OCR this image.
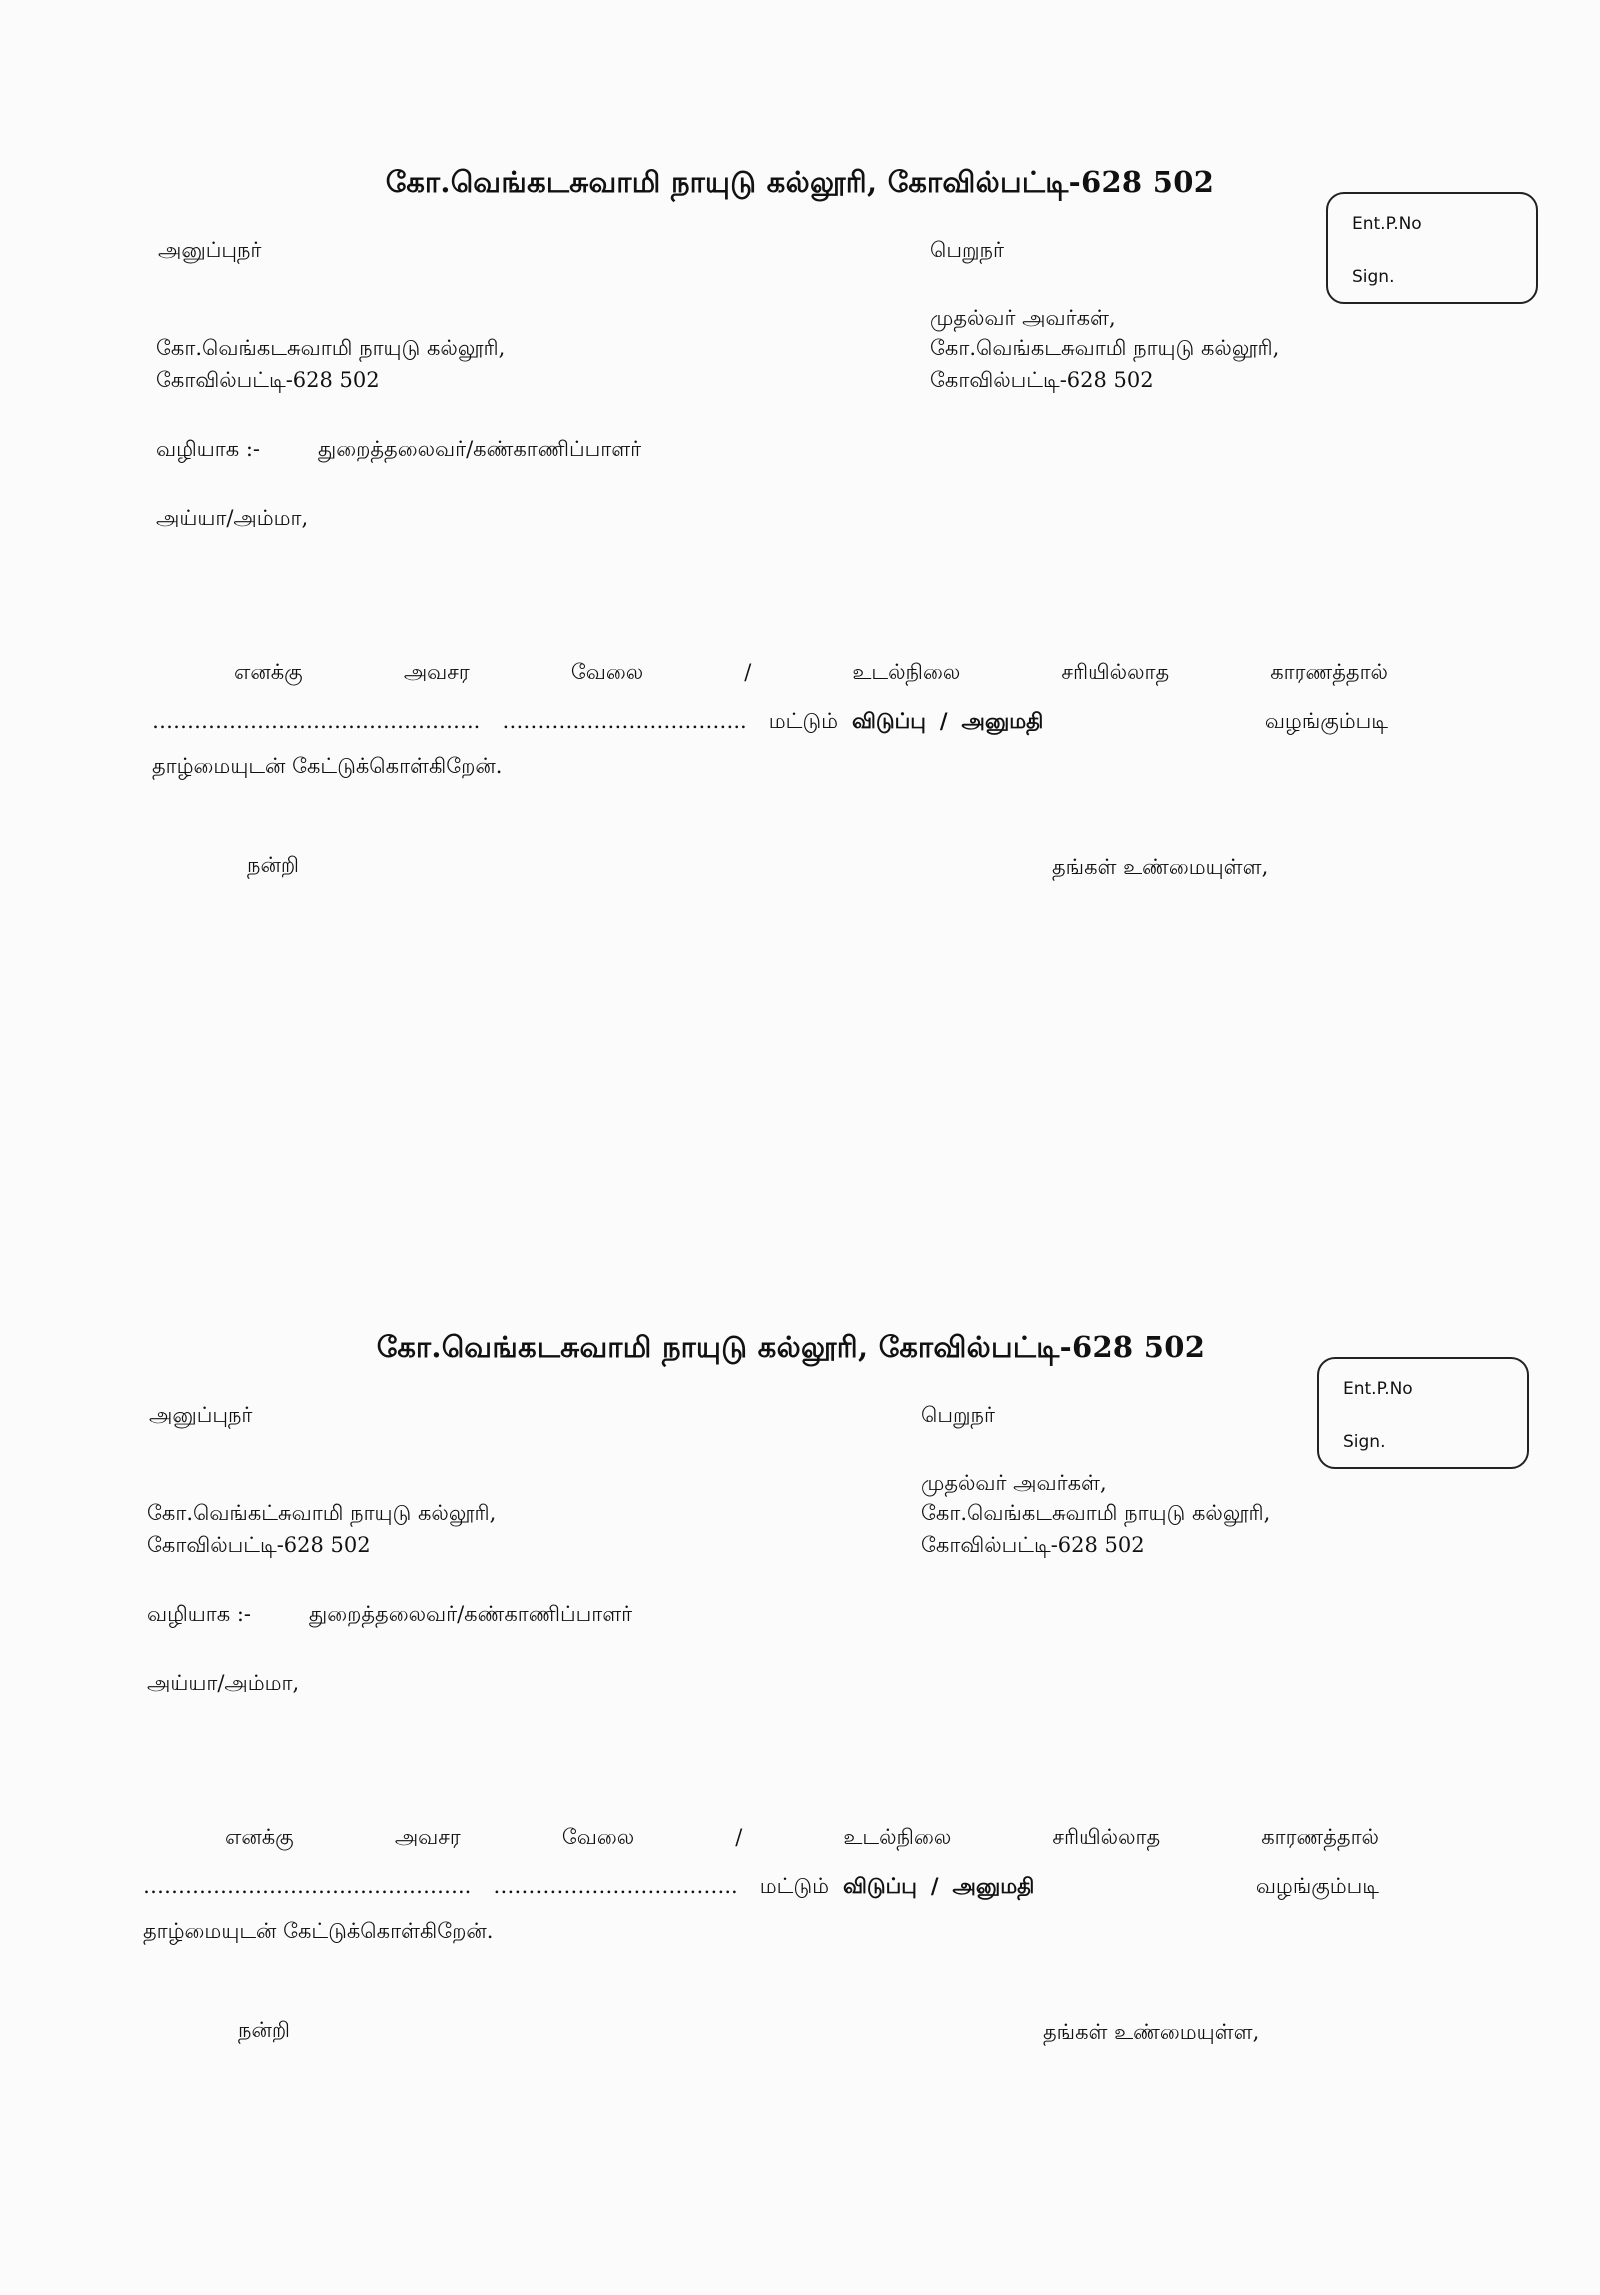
கோ.வெங்கடசுவாமி நாயுடு கல்லூரி, கோவில்பட்டி-628 502
Ent.P.No
Sign.
அனுப்புநர்	பெறுநர்
முதல்வர் அவர்கள்,
கோ.வெங்கடசுவாமி நாயுடு கல்லூரி,
கோவில்பட்டி-628 502
கோ.வெங்கடசுவாமி நாயுடு கல்லூரி,
கோவில்பட்டி-628 502
வழியாக :-	துறைத்தலைவர்/கண்காணிப்பாளர்
அய்யா/அம்மா,
எனக்கு	அவசர	வேலை	/	உடல்நிலை	சரியில்லாத	காரணத்தால்
……………………………………….. …………………………….. மட்டும் விடுப்பு / அனுமதி	வழங்கும்படி
தாழ்மையுடன் கேட்டுக்கொள்கிறேன்.
நன்றி	தங்கள் உண்மையுள்ள,
கோ.வெங்கடசுவாமி நாயுடு கல்லூரி, கோவில்பட்டி-628 502
Ent.P.No
Sign.
அனுப்புநர்	பெறுநர்
முதல்வர் அவர்கள்,
கோ.வெங்கடசுவாமி நாயுடு கல்லூரி,
கோவில்பட்டி-628 502
கோ.வெங்கட்சுவாமி நாயுடு கல்லூரி,
கோவில்பட்டி-628 502
வழியாக :-	துறைத்தலைவர்/கண்காணிப்பாளர்
அய்யா/அம்மா,
எனக்கு	அவசர	வேலை	/	உடல்நிலை	சரியில்லாத	காரணத்தால்
……………………………………….. …………………………….. மட்டும் விடுப்பு / அனுமதி	வழங்கும்படி
தாழ்மையுடன் கேட்டுக்கொள்கிறேன்.
நன்றி	தங்கள் உண்மையுள்ள,
